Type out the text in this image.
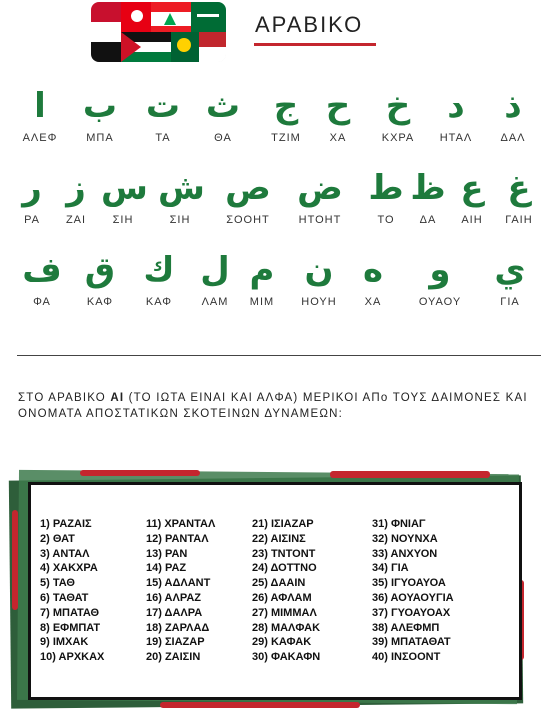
ΑΡΑΒΙΚΟ
ا
ΑΛΕΦ
ب
ΜΠΑ
ت
ΤΑ
ث
ΘΑ
ج
ΤΖΙΜ
ح
ΧΑ
خ
ΚΧΡΑ
د
ΗΤΑΛ
ذ
ΔΑΛ
ر
ΡΑ
ز
ΖΑΙ
س
ΣΙΗ
ش
ΣΙΗ
ص
ΣΟΟΗΤ
ض
ΗΤΟΗΤ
ط
ΤΟ
ظ
ΔΑ
ع
ΑΙΗ
غ
ΓΑΙΗ
ف
ΦΑ
ق
ΚΑΦ
ك
ΚΑΦ
ل
ΛΑΜ
م
ΜΙΜ
ن
ΗΟΥΗ
ه
ΧΑ
و
ΟΥΑΟΥ
ي
ΓΙΑ
ΣΤΟ ΑΡΑΒΙΚΟ AI (ΤΟ ΙΩΤΑ ΕΙΝΑΙ ΚΑΙ ΑΛΦΑ) ΜΕΡΙΚΟΙ ΑΠο ΤΟΥΣ ΔΑΙΜΟΝΕΣ ΚΑΙ ΟΝΟΜΑΤΑ ΑΠΟΣΤΑΤΙΚΩΝ ΣΚΟΤΕΙΝΩΝ ΔΥΝΑΜΕΩΝ:
1) ΡΑΖΑΙΣ
2) ΘΑΤ
3) ΑΝΤΑΛ
4) ΧΑΚΧΡΑ
5) ΤΑΘ
6) ΤΑΘΑΤ
7) ΜΠΑΤΑΘ
8) ΕΦΜΠΑΤ
9) ΙΜΧΑΚ
10) ΑΡΧΚΑΧ
11) ΧΡΑΝΤΑΛ
12) ΡΑΝΤΑΛ
13) ΡΑΝ
14) ΡΑΖ
15) ΑΔΛΑΝΤ
16) ΑΛΡΑΖ
17) ΔΑΛΡΑ
18) ΖΑΡΛΑΔ
19) ΣΙΑΖΑΡ
20) ΖΑΙΣΙΝ
21) ΙΣΙΑΖΑΡ
22) ΑΙΣΙΝΣ
23) ΤΝΤΟΝΤ
24) ΔΟΤΤΝΟ
25) ΔΑΑΙΝ
26) ΑΦΛΑΜ
27) ΜΙΜΜΑΛ
28) ΜΑΛΦΑΚ
29) ΚΑΦΑΚ
30) ΦΑΚΑΦΝ
31) ΦΝΙΑΓ
32) ΝΟΥΝΧΑ
33) ΑΝΧΥΟΝ
34) ΓΙΑ
35) ΙΓΥΟΑΥΟΑ
36) ΑΟΥΑΟΥΓΙΑ
37) ΓΥΟΑΥΟΑΧ
38) ΑΛΕΦΜΠ
39) ΜΠΑΤΑΘΑΤ
40) ΙΝΣΟΟΝΤ
